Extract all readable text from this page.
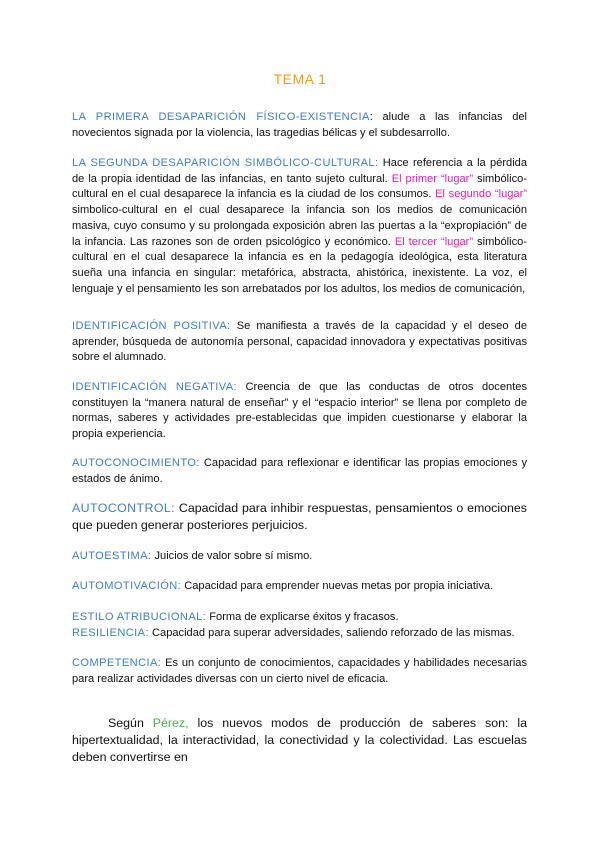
TEMA 1

LA PRIMERA DESAPARICIÓN FÍSICO-EXISTENCIA: alude a las infancias del novecientos signada por la violencia, las tragedias bélicas y el subdesarrollo.

LA SEGUNDA DESAPARICIÓN SIMBÓLICO-CULTURAL: Hace referencia a la pérdida de la propia identidad de las infancias, en tanto sujeto cultural. El primer “lugar” simbólico-cultural en el cual desaparece la infancia es la ciudad de los consumos. El segundo “lugar” simbolico-cultural en el cual desaparece la infancia son los medios de comunicación masiva, cuyo consumo y su prolongada exposición abren las puertas a la “expropiación” de la infancia. Las razones son de orden psicológico y económico. El tercer “lugar” simbólico-cultural en el cual desaparece la infancia es en la pedagogía ideológica, esta literatura sueña una infancia en singular: metafórica, abstracta, ahistórica, inexistente. La voz, el lenguaje y el pensamiento les son arrebatados por los adultos, los medios de comunicación,

IDENTIFICACIÓN POSITIVA: Se manifiesta a través de la capacidad y el deseo de aprender, búsqueda de autonomía personal, capacidad innovadora y expectativas positivas sobre el alumnado.

IDENTIFICACIÓN NEGATIVA: Creencia de que las conductas de otros docentes constituyen la “manera natural de enseñar” y el “espacio interior” se llena por completo de normas, saberes y actividades pre-establecidas que impiden cuestionarse y elaborar la propia experiencia.

AUTOCONOCIMIENTO: Capacidad para reflexionar e identificar las propias emociones y estados de ánimo.

AUTOCONTROL: Capacidad para inhibir respuestas, pensamientos o emociones que pueden generar posteriores perjuicios.

AUTOESTIMA: Juicios de valor sobre sí mismo.

AUTOMOTIVACIÓN: Capacidad para emprender nuevas metas por propia iniciativa.

ESTILO ATRIBUCIONAL: Forma de explicarse éxitos y fracasos.

RESILIENCIA: Capacidad para superar adversidades, saliendo reforzado de las mismas.

COMPETENCIA: Es un conjunto de conocimientos, capacidades y habilidades necesarias para realizar actividades diversas con un cierto nivel de eficacia.

Según Pérez, los nuevos modos de producción de saberes son: la hipertextualidad, la interactividad, la conectividad y la colectividad. Las escuelas deben convertirse en
